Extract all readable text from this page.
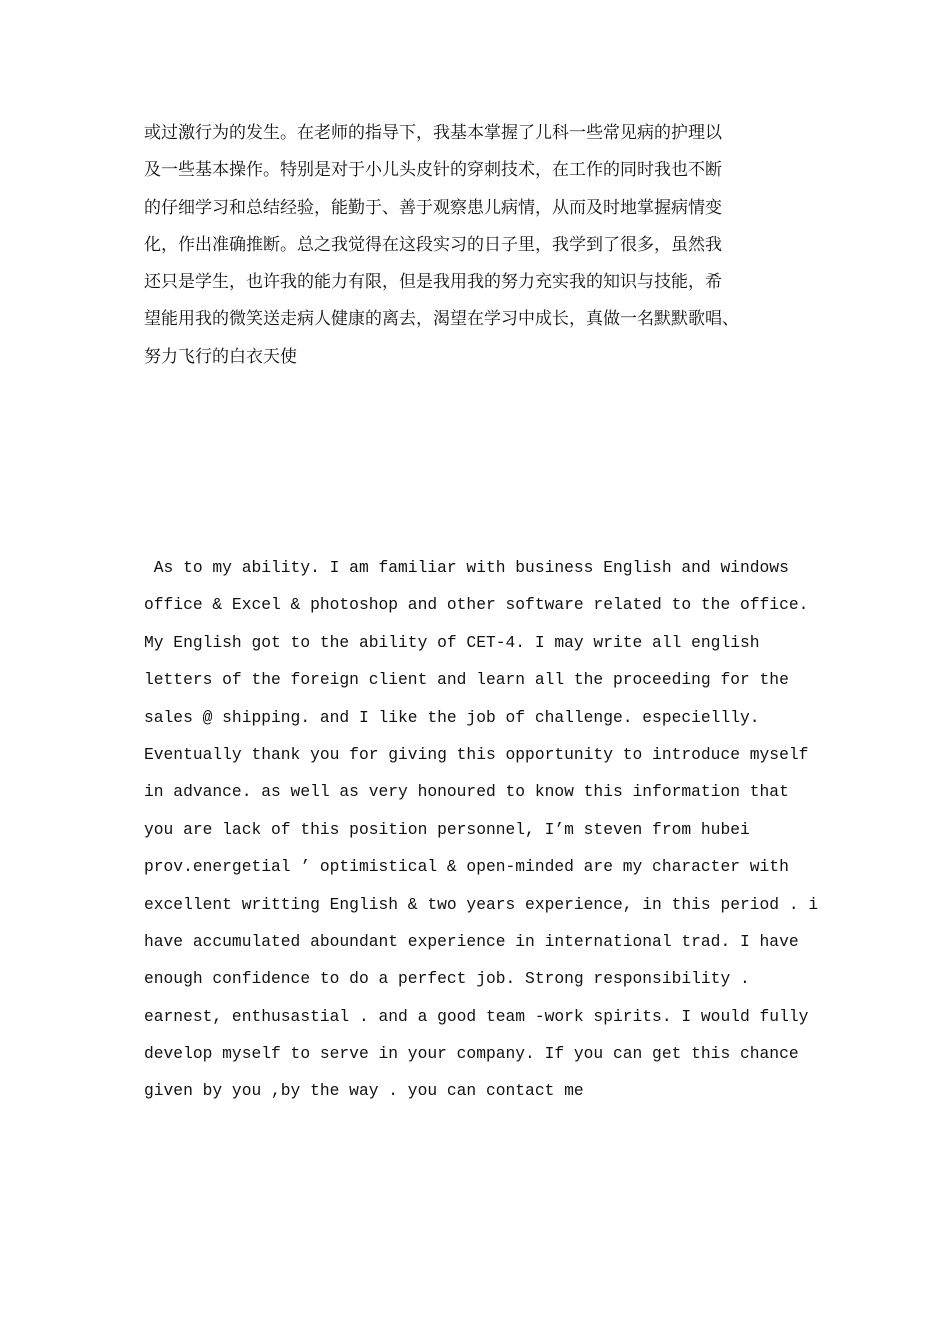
或过激行为的发生。在老师的指导下，我基本掌握了儿科一些常见病的护理以
及一些基本操作。特别是对于小儿头皮针的穿刺技术，在工作的同时我也不断
的仔细学习和总结经验，能勤于、善于观察患儿病情，从而及时地掌握病情变
化，作出准确推断。总之我觉得在这段实习的日子里，我学到了很多，虽然我
还只是学生，也许我的能力有限，但是我用我的努力充实我的知识与技能，希
望能用我的微笑送走病人健康的离去，渴望在学习中成长，真做一名默默歌唱、
努力飞行的白衣天使
As to my ability. I am familiar with business English and windows
office & Excel & photoshop and other software related to the office.
My English got to the ability of CET-4. I may write all english
letters of the foreign client and learn all the proceeding for the
sales @ shipping. and I like the job of challenge. especiellly.
Eventually thank you for giving this opportunity to introduce myself
in advance. as well as very honoured to know this information that
you are lack of this position personnel, I’m steven from hubei
prov.energetial ’ optimistical & open-minded are my character with
excellent writting English & two years experience, in this period . i
have accumulated aboundant experience in international trad. I have
enough confidence to do a perfect job. Strong responsibility .
earnest, enthusastial . and a good team -work spirits. I would fully
develop myself to serve in your company. If you can get this chance
given by you ,by the way . you can contact me
